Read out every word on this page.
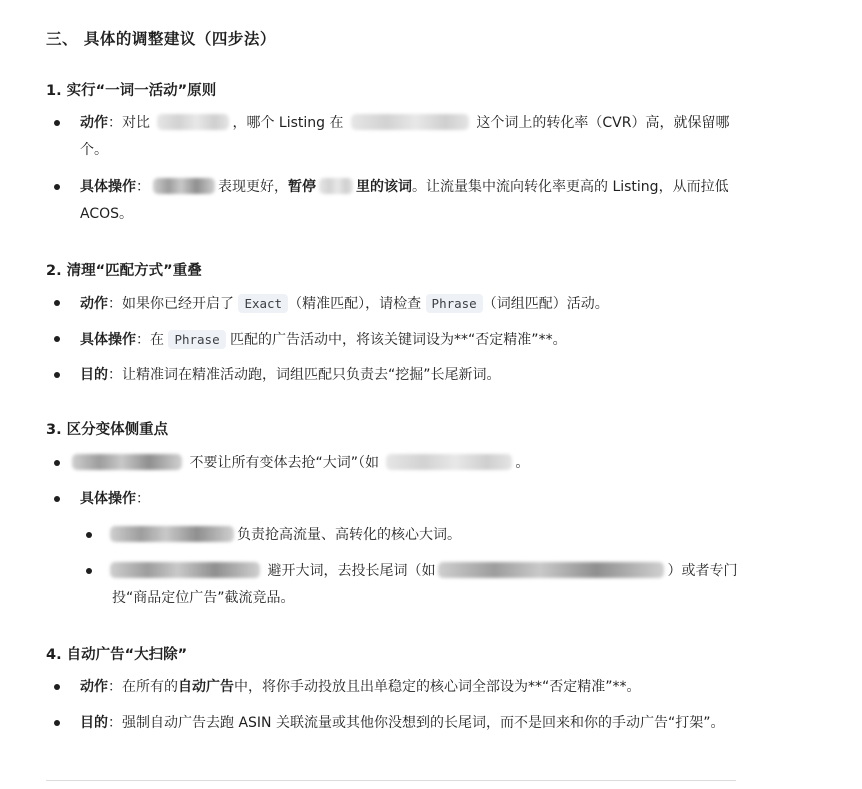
三、 具体的调整建议（四步法）
1. 实行“一词一活动”原则
动作：对比	，哪个 Listing 在	这个词上的转化率（CVR）高，就保留哪个。
具体操作：	表现更好，暂停	里的该词。让流量集中流向转化率更高的 Listing，从而拉低 ACOS。
2. 清理“匹配方式”重叠
动作：如果你已经开启了 Exact （精准匹配），请检查 Phrase （词组匹配）活动。
具体操作：在 Phrase 匹配的广告活动中，将该关键词设为**“否定精准”**。
目的：让精准词在精准活动跑，词组匹配只负责去“挖掘”长尾新词。
3. 区分变体侧重点
不要让所有变体去抢“大词”（如	。
具体操作：
负责抢高流量、高转化的核心大词。
避开大词，去投长尾词（如	）或者专门投“商品定位广告”截流竞品。
4. 自动广告“大扫除”
动作：在所有的自动广告中，将你手动投放且出单稳定的核心词全部设为**“否定精准”**。
目的：强制自动广告去跑 ASIN 关联流量或其他你没想到的长尾词，而不是回来和你的手动广告“打架”。
